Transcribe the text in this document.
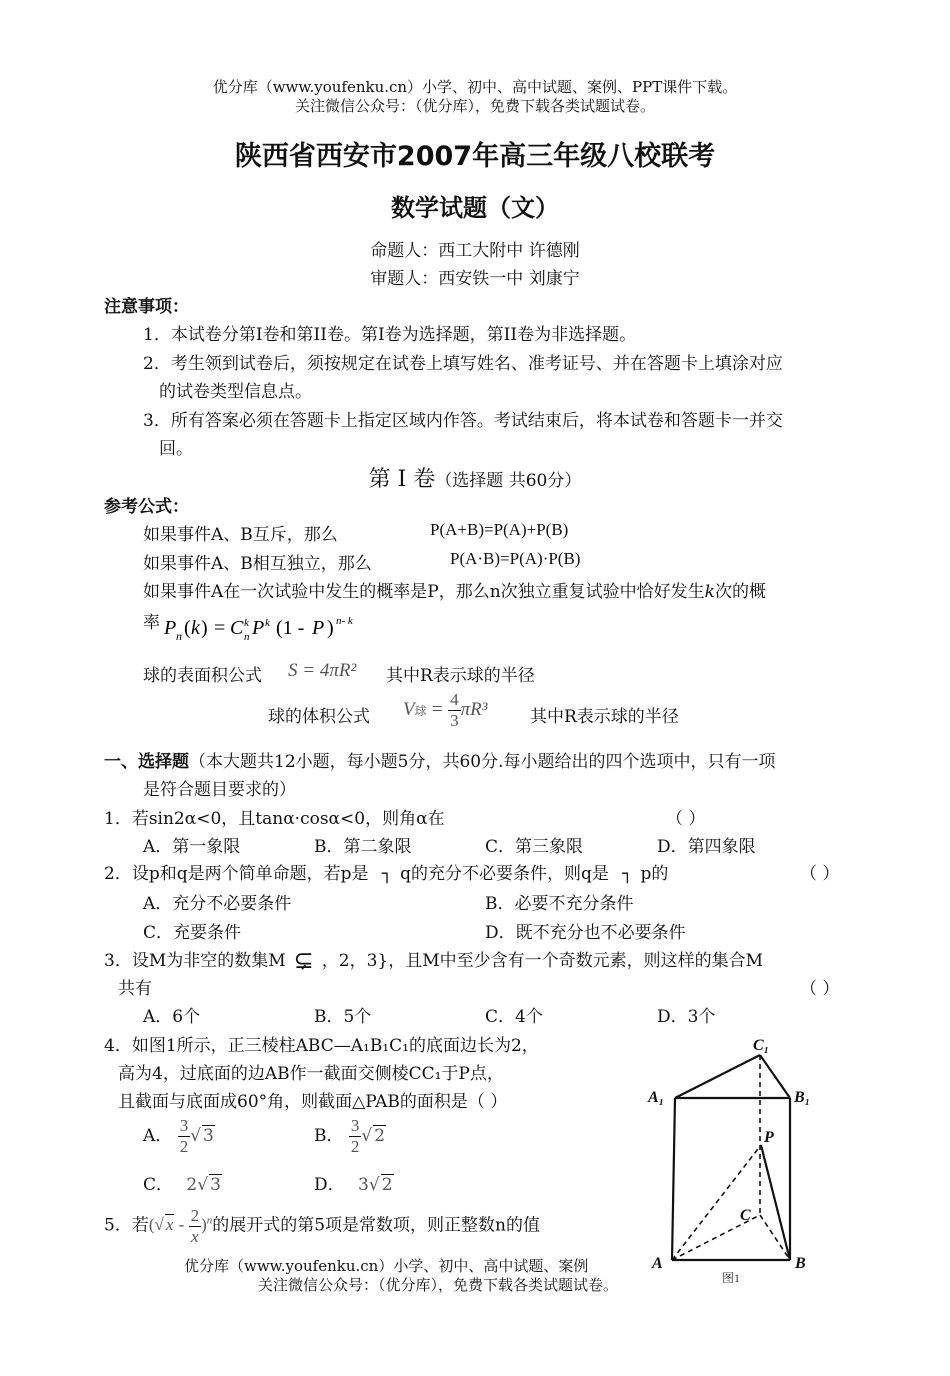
优分库（www.youfenku.cn）小学、初中、高中试题、案例、PPT课件下载。
关注微信公众号：（优分库），免费下载各类试题试卷。
陕西省西安市2007年高三年级八校联考
数学试题（文）
命题人：西工大附中 许德刚
审题人：西安铁一中 刘康宁
注意事项：
1．本试卷分第I卷和第II卷。第I卷为选择题，第II卷为非选择题。
2．考生领到试卷后，须按规定在试卷上填写姓名、准考证号、并在答题卡上填涂对应
的试卷类型信息点。
3．所有答案必须在答题卡上指定区域内作答。考试结束后，将本试卷和答题卡一并交
回。
第 I 卷（选择题 共60分）
参考公式：
如果事件A、B互斥，那么	P(A+B)=P(A)+P(B)
如果事件A、B相互独立，那么	P(A·B)=P(A)·P(B)
如果事件A在一次试验中发生的概率是P，那么n次独立重复试验中恰好发生k次的概
率 P n ( k ) = C k
n P k (1 - P ) n- k
球的表面积公式 S = 4πR² 其中R表示球的半径
球的体积公式 V球 = $\frac{4}{3} \pi R^3$	其中R表示球的半径
一、选择题（本大题共12小题，每小题5分，共60分.每小题给出的四个选项中，只有一项
是符合题目要求的）
1．若sin2α<0，且tanα·cosα<0，则角α在	（ ）
A．第一象限	B．第二象限	C．第三象限	D．第四象限
2．设p和q是两个简单命题，若p是 ┐ q的充分不必要条件，则q是 ┐ p的	（ ）
A．充分不必要条件	B．必要不充分条件
C．充要条件	D．既不充分也不必要条件
3．设M为非空的数集M ⊊ ，2，3}，且M中至少含有一个奇数元素，则这样的集合M
共有	（ ）
A．6个	B．5个	C．4个	D．3个
4．如图1所示，正三棱柱ABC—A₁B₁C₁的底面边长为2，
高为4，过底面的边AB作一截面交侧棱CC₁于P点，
且截面与底面成60°角，则截面△PAB的面积是（ ）
A． $\frac{3}{2}$ √ 3	B． $\frac{3}{2}$ √ 2
C． 2√ 3	D． 3√ 2
5．若(√ x - $\frac{2}{x} )^n$的展开式的第5项是常数项，则正整数n的值
C₁
A₁	B₁
P
C
A	B
图1
优分库（www.youfenku.cn）小学、初中、高中试题、案例
关注微信公众号：（优分库），免费下载各类试题试卷。
